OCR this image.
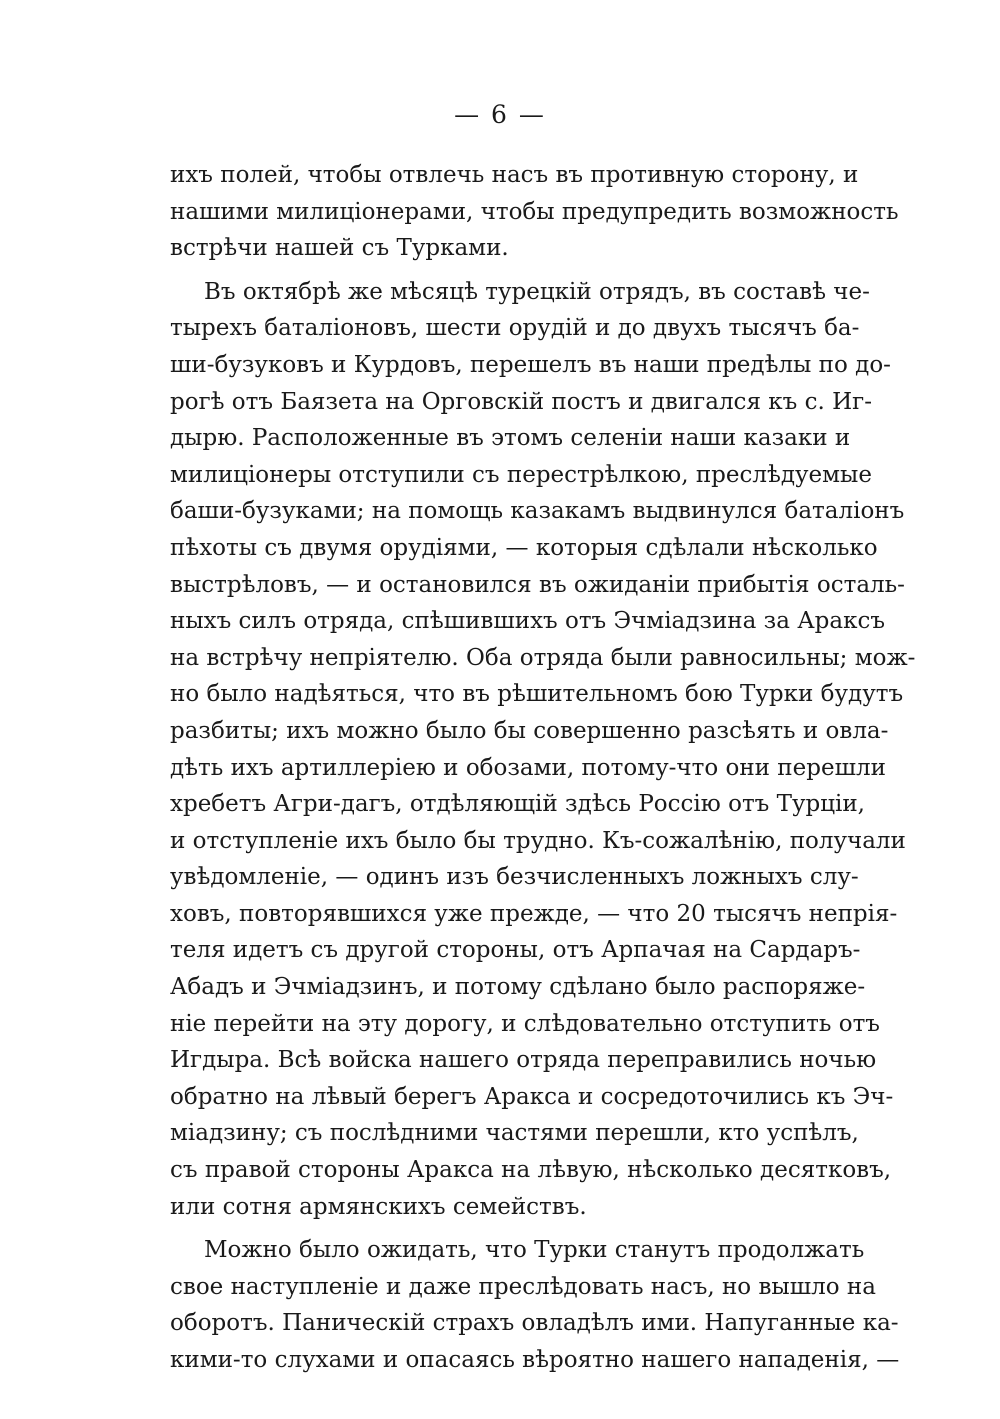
— 6 —
ихъ полей, чтобы отвлечь насъ въ противную сторону, и
нашими милиціонерами, чтобы предупредить возможность
встрѣчи нашей съ Турками.
Въ октябрѣ же мѣсяцѣ турецкій отрядъ, въ составѣ че-
тырехъ баталіоновъ, шести орудій и до двухъ тысячъ ба-
ши-бузуковъ и Курдовъ, перешелъ въ наши предѣлы по до-
рогѣ отъ Баязета на Орговскій постъ и двигался къ с. Иг-
дырю. Расположенные въ этомъ селеніи наши казаки и
милиціонеры отступили съ перестрѣлкою, преслѣдуемые
баши-бузуками; на помощь казакамъ выдвинулся баталіонъ
пѣхоты съ двумя орудіями, — которыя сдѣлали нѣсколько
выстрѣловъ, — и остановился въ ожиданіи прибытія осталь-
ныхъ силъ отряда, спѣшившихъ отъ Эчміадзина за Араксъ
на встрѣчу непріятелю. Оба отряда были равносильны; мож-
но было надѣяться, что въ рѣшительномъ бою Турки будутъ
разбиты; ихъ можно было бы совершенно разсѣять и овла-
дѣть ихъ артиллеріею и обозами, потому-что они перешли
хребетъ Агри-дагъ, отдѣляющій здѣсь Россію отъ Турціи,
и отступленіе ихъ было бы трудно. Къ-сожалѣнію, получали
увѣдомленіе, — одинъ изъ безчисленныхъ ложныхъ слу-
ховъ, повторявшихся уже прежде, — что 20 тысячъ непрія-
теля идетъ съ другой стороны, отъ Арпачая на Сардаръ-
Абадъ и Эчміадзинъ, и потому сдѣлано было распоряже-
ніе перейти на эту дорогу, и слѣдовательно отступить отъ
Игдыра. Всѣ войска нашего отряда переправились ночью
обратно на лѣвый берегъ Аракса и сосредоточились къ Эч-
міадзину; съ послѣдними частями перешли, кто успѣлъ,
съ правой стороны Аракса на лѣвую, нѣсколько десятковъ,
или сотня армянскихъ семействъ.
Можно было ожидать, что Турки станутъ продолжать
свое наступленіе и даже преслѣдовать насъ, но вышло на
оборотъ. Паническій страхъ овладѣлъ ими. Напуганные ка-
кими-то слухами и опасаясь вѣроятно нашего нападенія, —
